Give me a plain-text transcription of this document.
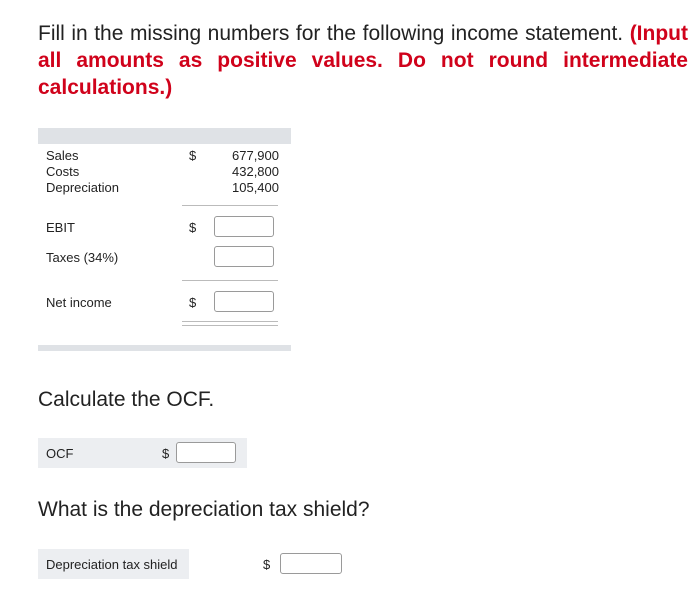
Fill in the missing numbers for the following income statement. (Input all amounts as positive values. Do not round intermediate calculations.)

Sales	$	677,900
Costs	432,800
Depreciation	105,400
EBIT	$
Taxes (34%)
Net income	$

Calculate the OCF.

OCF	$

What is the depreciation tax shield?

Depreciation tax shield	$
